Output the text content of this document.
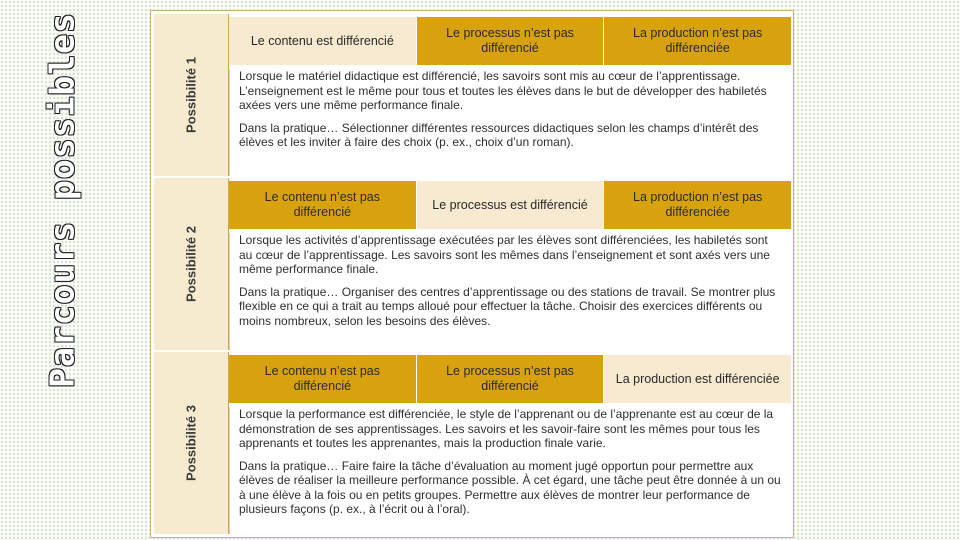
Parcours possibles	Possibilité 1
Le contenu est différencié
Le processus n’est pas différencié
La production n’est pas différenciée

Lorsque le matériel didactique est différencié, les savoirs sont mis au cœur de l’apprentissage. L’enseignement est le même pour tous et toutes les élèves dans le but de développer des habiletés axées vers une même performance finale.

Dans la pratique… Sélectionner différentes ressources didactiques selon les champs d’intérêt des élèves et les inviter à faire des choix (p. ex., choix d’un roman).

Possibilité 2
Le contenu n’est pas différencié
Le processus est différencié
La production n’est pas différenciée

Lorsque les activités d’apprentissage exécutées par les élèves sont différenciées, les habiletés sont au cœur de l’apprentissage. Les savoirs sont les mêmes dans l’enseignement et sont axés vers une même performance finale.

Dans la pratique… Organiser des centres d’apprentissage ou des stations de travail. Se montrer plus flexible en ce qui a trait au temps alloué pour effectuer la tâche. Choisir des exercices différents ou moins nombreux, selon les besoins des élèves.

Possibilité 3
Le contenu n’est pas différencié
Le processus n’est pas différencié
La production est différenciée

Lorsque la performance est différenciée, le style de l’apprenant ou de l’apprenante est au cœur de la démonstration de ses apprentissages. Les savoirs et les savoir-faire sont les mêmes pour tous les apprenants et toutes les apprenantes, mais la production finale varie.

Dans la pratique… Faire faire la tâche d’évaluation au moment jugé opportun pour permettre aux élèves de réaliser la meilleure performance possible. À cet égard, une tâche peut être donnée à un ou à une élève à la fois ou en petits groupes. Permettre aux élèves de montrer leur performance de plusieurs façons (p. ex., à l’écrit ou à l’oral).
